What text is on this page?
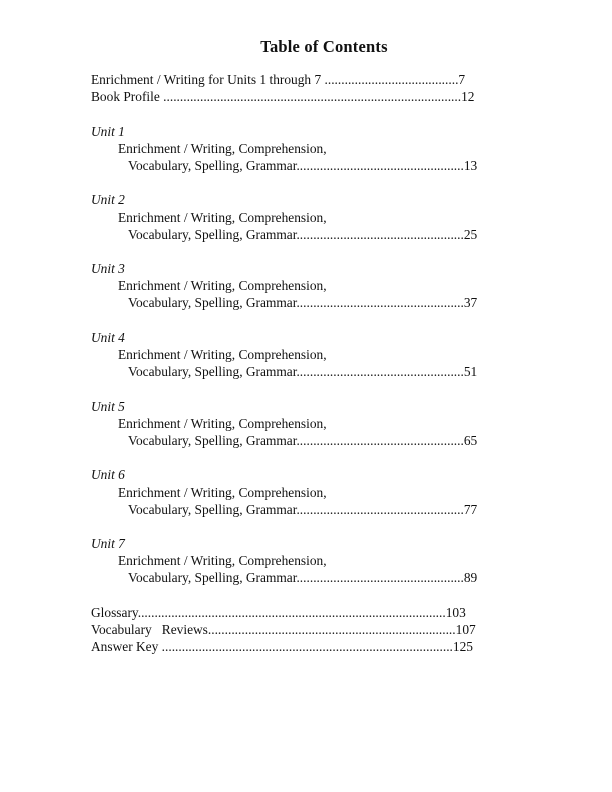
Table of Contents
Enrichment / Writing for Units 1 through 7 ........................................7
Book Profile .........................................................................................12
Unit 1
Enrichment / Writing, Comprehension,
Vocabulary, Spelling, Grammar..................................................13
Unit 2
Enrichment / Writing, Comprehension,
Vocabulary, Spelling, Grammar..................................................25
Unit 3
Enrichment / Writing, Comprehension,
Vocabulary, Spelling, Grammar..................................................37
Unit 4
Enrichment / Writing, Comprehension,
Vocabulary, Spelling, Grammar..................................................51
Unit 5
Enrichment / Writing, Comprehension,
Vocabulary, Spelling, Grammar..................................................65
Unit 6
Enrichment / Writing, Comprehension,
Vocabulary, Spelling, Grammar..................................................77
Unit 7
Enrichment / Writing, Comprehension,
Vocabulary, Spelling, Grammar..................................................89
Glossary............................................................................................103
Vocabulary   Reviews..........................................................................107
Answer Key .......................................................................................125
